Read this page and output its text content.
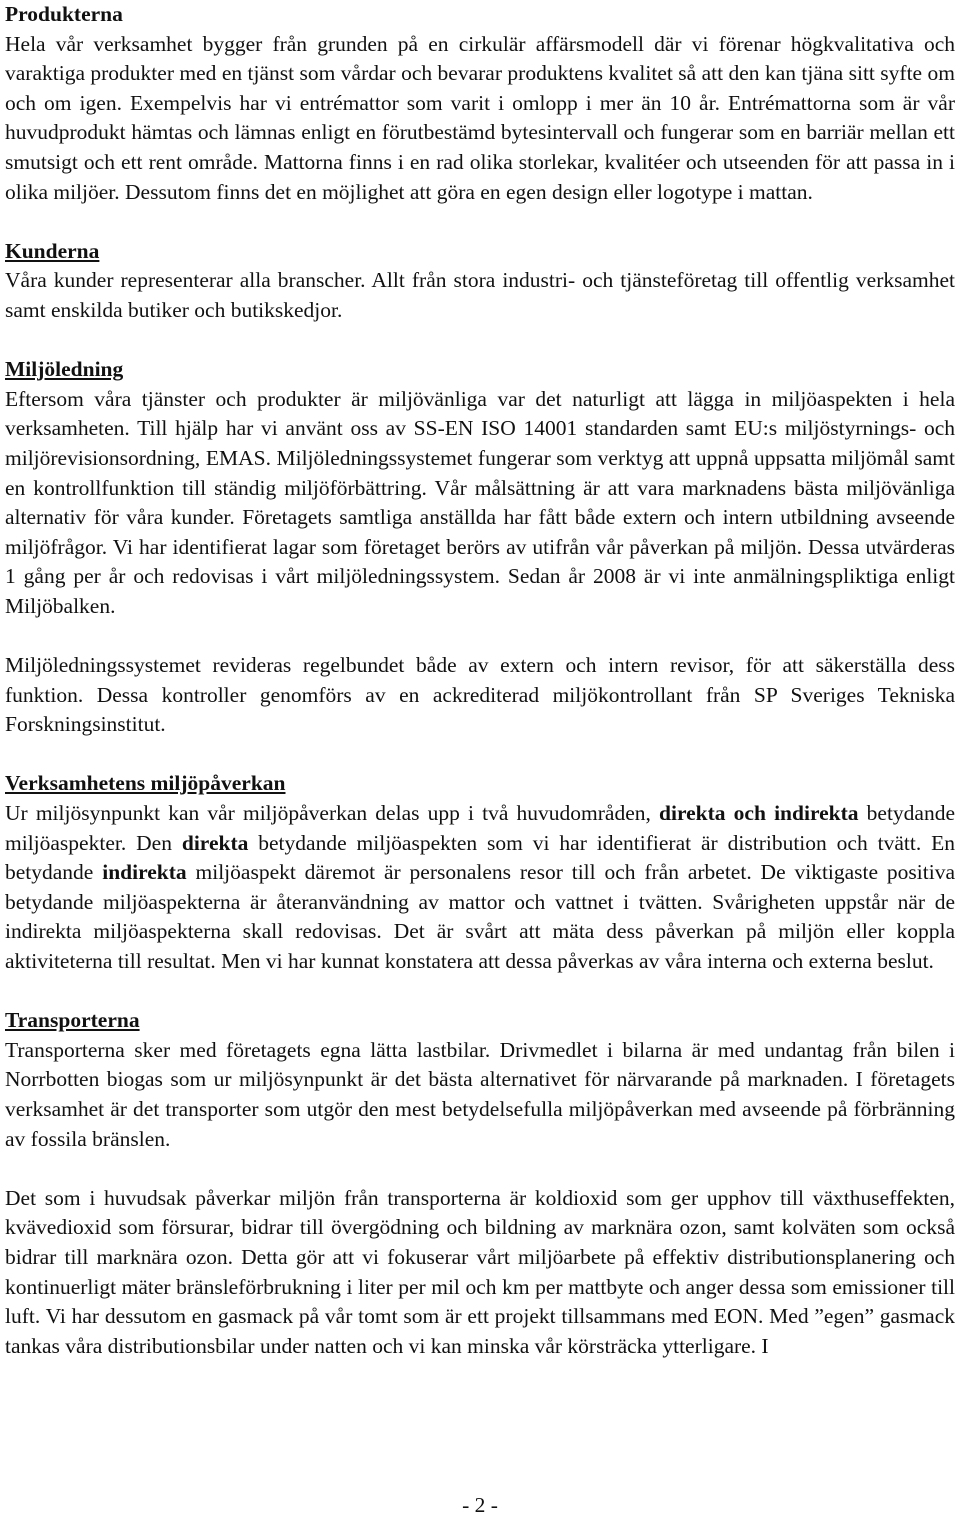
Produkterna
Hela vår verksamhet bygger från grunden på en cirkulär affärsmodell där vi förenar högkvalitativa och varaktiga produkter med en tjänst som vårdar och bevarar produktens kvalitet så att den kan tjäna sitt syfte om och om igen. Exempelvis har vi entrémattor som varit i omlopp i mer än 10 år. Entrémattorna som är vår huvudprodukt hämtas och lämnas enligt en förutbestämd bytesintervall och fungerar som en barriär mellan ett smutsigt och ett rent område. Mattorna finns i en rad olika storlekar, kvalitéer och utseenden för att passa in i olika miljöer. Dessutom finns det en möjlighet att göra en egen design eller logotype i mattan.
Kunderna
Våra kunder representerar alla branscher. Allt från stora industri- och tjänsteföretag till offentlig verksamhet samt enskilda butiker och butikskedjor.
Miljöledning
Eftersom våra tjänster och produkter är miljövänliga var det naturligt att lägga in miljöaspekten i hela verksamheten. Till hjälp har vi använt oss av SS-EN ISO 14001 standarden samt EU:s miljöstyrnings- och miljörevisionsordning, EMAS. Miljöledningssystemet fungerar som verktyg att uppnå uppsatta miljömål samt en kontrollfunktion till ständig miljöförbättring. Vår målsättning är att vara marknadens bästa miljövänliga alternativ för våra kunder. Företagets samtliga anställda har fått både extern och intern utbildning avseende miljöfrågor. Vi har identifierat lagar som företaget berörs av utifrån vår påverkan på miljön. Dessa utvärderas 1 gång per år och redovisas i vårt miljöledningssystem. Sedan år 2008 är vi inte anmälningspliktiga enligt Miljöbalken.
Miljöledningssystemet revideras regelbundet både av extern och intern revisor, för att säkerställa dess funktion. Dessa kontroller genomförs av en ackrediterad miljökontrollant från SP Sveriges Tekniska Forskningsinstitut.
Verksamhetens miljöpåverkan
Ur miljösynpunkt kan vår miljöpåverkan delas upp i två huvudområden, direkta och indirekta betydande miljöaspekter. Den direkta betydande miljöaspekten som vi har identifierat är distribution och tvätt. En betydande indirekta miljöaspekt däremot är personalens resor till och från arbetet. De viktigaste positiva betydande miljöaspekterna är återanvändning av mattor och vattnet i tvätten. Svårigheten uppstår när de indirekta miljöaspekterna skall redovisas. Det är svårt att mäta dess påverkan på miljön eller koppla aktiviteterna till resultat. Men vi har kunnat konstatera att dessa påverkas av våra interna och externa beslut.
Transporterna
Transporterna sker med företagets egna lätta lastbilar. Drivmedlet i bilarna är med undantag från bilen i Norrbotten biogas som ur miljösynpunkt är det bästa alternativet för närvarande på marknaden. I företagets verksamhet är det transporter som utgör den mest betydelsefulla miljöpåverkan med avseende på förbränning av fossila bränslen.
Det som i huvudsak påverkar miljön från transporterna är koldioxid som ger upphov till växthuseffekten, kvävedioxid som försurar, bidrar till övergödning och bildning av marknära ozon, samt kolväten som också bidrar till marknära ozon. Detta gör att vi fokuserar vårt miljöarbete på effektiv distributionsplanering och kontinuerligt mäter bränsleförbrukning i liter per mil och km per mattbyte och anger dessa som emissioner till luft. Vi har dessutom en gasmack på vår tomt som är ett projekt tillsammans med EON. Med ”egen” gasmack tankas våra distributionsbilar under natten och vi kan minska vår körsträcka ytterligare. I
- 2 -
